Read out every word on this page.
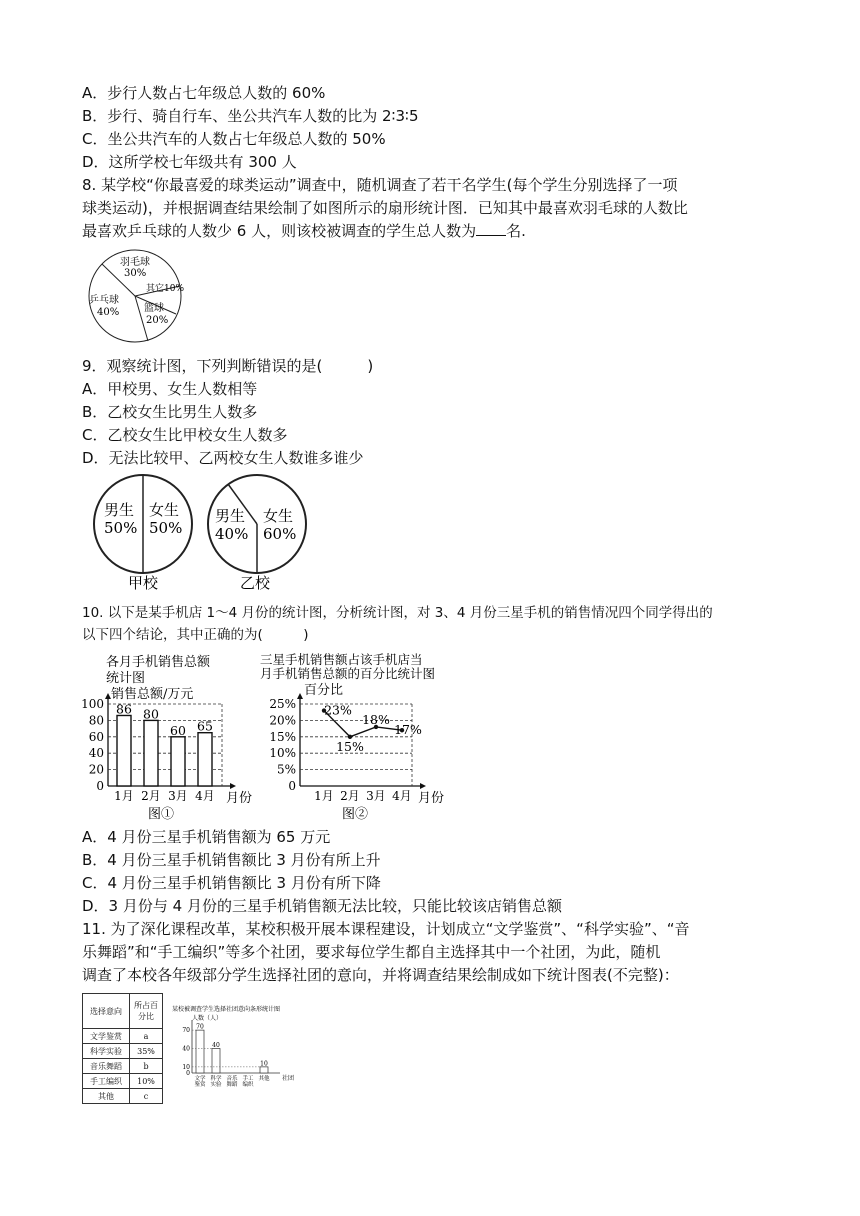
A．步行人数占七年级总人数的 60%
B．步行、骑自行车、坐公共汽车人数的比为 2∶3∶5
C．坐公共汽车的人数占七年级总人数的 50%
D．这所学校七年级共有 300 人
8. 某学校“你最喜爱的球类运动”调查中，随机调查了若干名学生(每个学生分别选择了一项
球类运动)，并根据调查结果绘制了如图所示的扇形统计图．已知其中最喜欢羽毛球的人数比
最喜欢乒乓球的人数少 6 人，则该校被调查的学生总人数为 名.
羽毛球
30%
其它 10%
篮球
20%
乒乓球
40%
9．观察统计图，下列判断错误的是(　　　)
A．甲校男、女生人数相等
B．乙校女生比男生人数多
C．乙校女生比甲校女生人数多
D．无法比较甲、乙两校女生人数谁多谁少
男生
50%
女生
50%
甲校
男生
40%
女生
60%
乙校
10. 以下是某手机店 1～4 月份的统计图，分析统计图，对 3、4 月份三星手机的销售情况四个同学得出的
以下四个结论，其中正确的为(　　　)
各月手机销售总额
统计图
销售总额/万元
月份
图①
0
20
40
60
80
100 86
1月
80
2月
60
3月
65
4月
三星手机销售额占该手机店当
月手机销售总额的百分比统计图
百分比
月份
图②
0
5%
10%
15%
20%
25% 23%
1月
15%
2月
18%
3月
17%
4月
A．4 月份三星手机销售额为 65 万元
B．4 月份三星手机销售额比 3 月份有所上升
C．4 月份三星手机销售额比 3 月份有所下降
D．3 月份与 4 月份的三星手机销售额无法比较，只能比较该店销售总额
11. 为了深化课程改革，某校积极开展本课程建设，计划成立“文学鉴赏”、“科学实验”、“音
乐舞蹈”和“手工编织”等多个社团，要求每位学生都自主选择其中一个社团，为此，随机
调查了本校各年级部分学生选择社团的意向，并将调查结果绘制成如下统计图表(不完整)：
选择意向	所占百分比
文学鉴赏	a
科学实验	35%
音乐舞蹈	b
手工编织	10%
其他	c
某校被调查学生选择社团意向条形统计图
人数（人）
社团
0
10
40
70 70
文学
鉴赏
40
科学
实验
音乐
舞蹈
手工
编织
10
其他
